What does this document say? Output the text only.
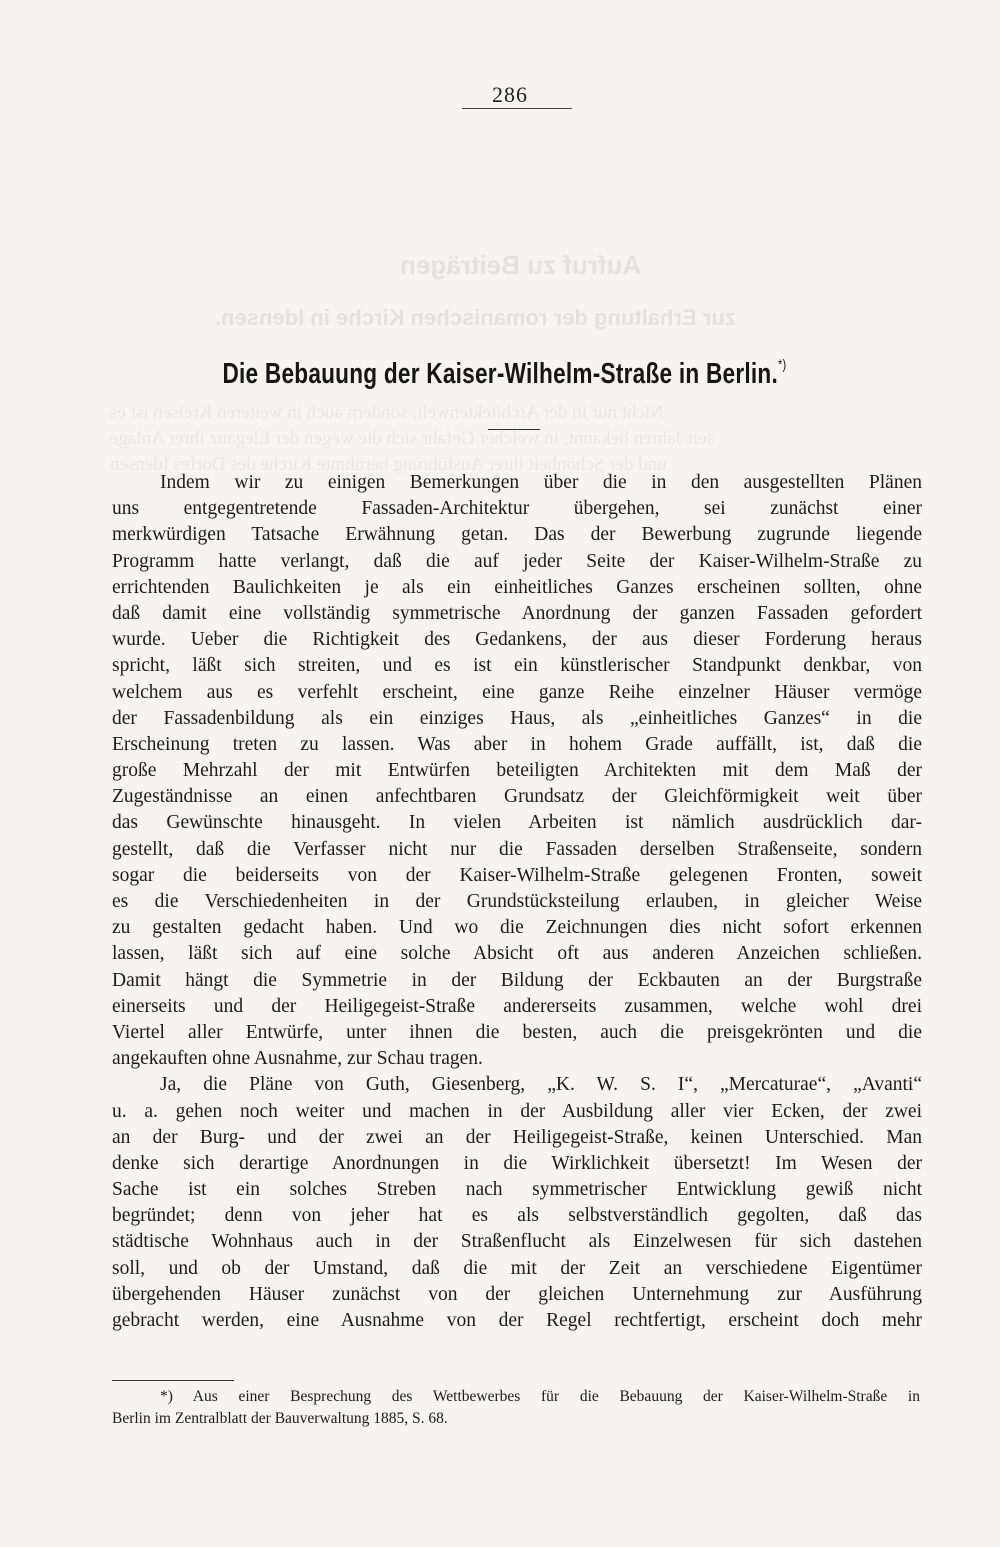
Aufruf zu Beiträgen
zur Erhaltung der romanischen Kirche in Idensen.
Nicht nur in der Architektenwelt, sondern auch in weiteren Kreisen ist es
seit Jahren bekannt, in welcher Gefahr sich die wegen der Eleganz ihrer Anlage
und der Schönheit ihrer Ausführung berühmte Kirche des Dorfes Idensen
286
Die Bebauung der Kaiser-Wilhelm-Straße in Berlin.*)
Indem wir zu einigen Bemerkungen über die in den ausgestellten Plänen
uns entgegentretende Fassaden-Architektur übergehen, sei zunächst einer
merkwürdigen Tatsache Erwähnung getan. Das der Bewerbung zugrunde liegende
Programm hatte verlangt, daß die auf jeder Seite der Kaiser-Wilhelm-Straße zu
errichtenden Baulichkeiten je als ein einheitliches Ganzes erscheinen sollten, ohne
daß damit eine vollständig symmetrische Anordnung der ganzen Fassaden gefordert
wurde. Ueber die Richtigkeit des Gedankens, der aus dieser Forderung heraus
spricht, läßt sich streiten, und es ist ein künstlerischer Standpunkt denkbar, von
welchem aus es verfehlt erscheint, eine ganze Reihe einzelner Häuser vermöge
der Fassadenbildung als ein einziges Haus, als „einheitliches Ganzes“ in die
Erscheinung treten zu lassen. Was aber in hohem Grade auffällt, ist, daß die
große Mehrzahl der mit Entwürfen beteiligten Architekten mit dem Maß der
Zugeständnisse an einen anfechtbaren Grundsatz der Gleichförmigkeit weit über
das Gewünschte hinausgeht. In vielen Arbeiten ist nämlich ausdrücklich dar-
gestellt, daß die Verfasser nicht nur die Fassaden derselben Straßenseite, sondern
sogar die beiderseits von der Kaiser-Wilhelm-Straße gelegenen Fronten, soweit
es die Verschiedenheiten in der Grundstücksteilung erlauben, in gleicher Weise
zu gestalten gedacht haben. Und wo die Zeichnungen dies nicht sofort erkennen
lassen, läßt sich auf eine solche Absicht oft aus anderen Anzeichen schließen.
Damit hängt die Symmetrie in der Bildung der Eckbauten an der Burgstraße
einerseits und der Heiligegeist-Straße andererseits zusammen, welche wohl drei
Viertel aller Entwürfe, unter ihnen die besten, auch die preisgekrönten und die
angekauften ohne Ausnahme, zur Schau tragen.
Ja, die Pläne von Guth, Giesenberg, „K. W. S. I“, „Mercaturae“, „Avanti“
u. a. gehen noch weiter und machen in der Ausbildung aller vier Ecken, der zwei
an der Burg- und der zwei an der Heiligegeist-Straße, keinen Unterschied. Man
denke sich derartige Anordnungen in die Wirklichkeit übersetzt! Im Wesen der
Sache ist ein solches Streben nach symmetrischer Entwicklung gewiß nicht
begründet; denn von jeher hat es als selbstverständlich gegolten, daß das
städtische Wohnhaus auch in der Straßenflucht als Einzelwesen für sich dastehen
soll, und ob der Umstand, daß die mit der Zeit an verschiedene Eigentümer
übergehenden Häuser zunächst von der gleichen Unternehmung zur Ausführung
gebracht werden, eine Ausnahme von der Regel rechtfertigt, erscheint doch mehr
*) Aus einer Besprechung des Wettbewerbes für die Bebauung der Kaiser-Wilhelm-Straße in
Berlin im Zentralblatt der Bauverwaltung 1885, S. 68.
